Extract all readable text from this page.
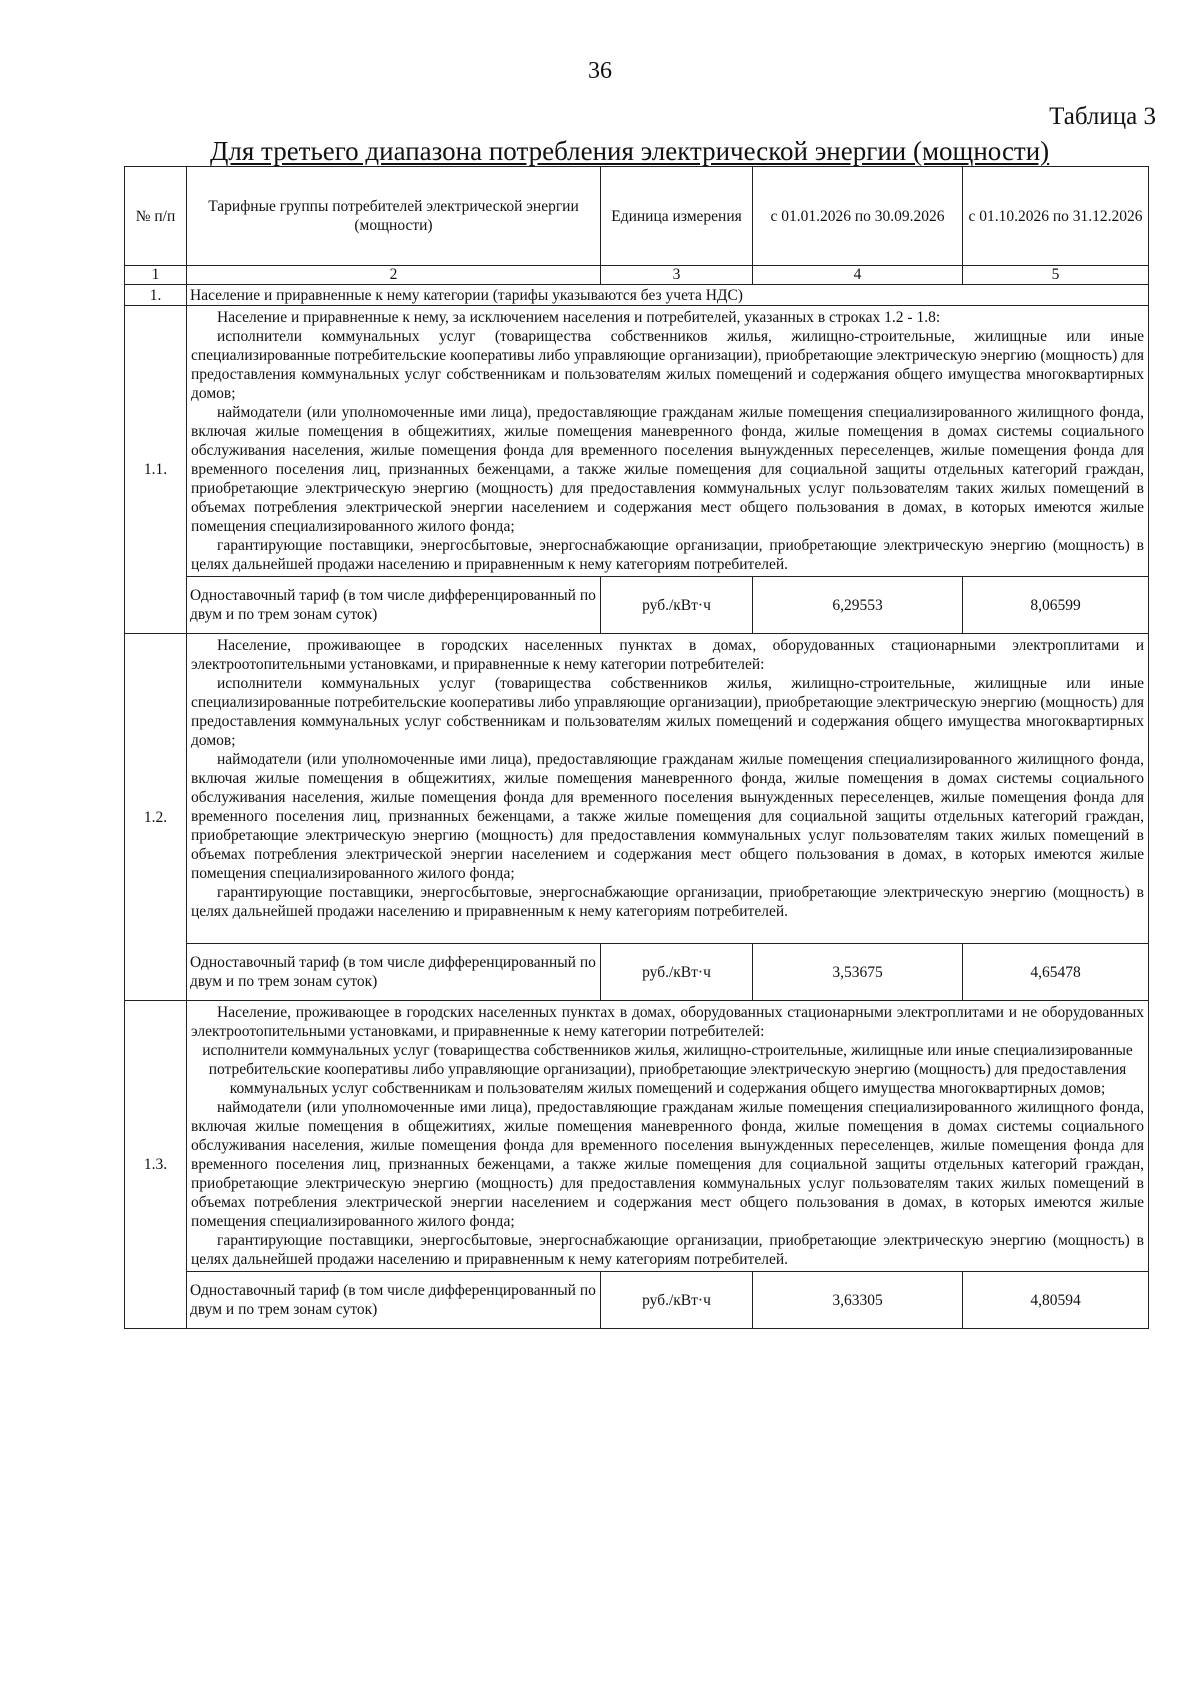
36
Таблица 3
Для третьего диапазона потребления электрической энергии (мощности)
№ п/п	Тарифные группы потребителей электрической энергии (мощности)	Единица измерения	с 01.01.2026 по 30.09.2026	с 01.10.2026 по 31.12.2026
1	2	3	4	5
1.	Население и приравненные к нему категории (тарифы указываются без учета НДС)			
1.1.	Население и приравненные к нему, за исключением населения и потребителей, указанных в строках 1.2 - 1.8:

исполнители коммунальных услуг (товарищества собственников жилья, жилищно-строительные, жилищные или иные специализированные потребительские кооперативы либо управляющие организации), приобретающие электрическую энергию (мощность) для предоставления коммунальных услуг собственникам и пользователям жилых помещений и содержания общего имущества многоквартирных домов;

наймодатели (или уполномоченные ими лица), предоставляющие гражданам жилые помещения специализированного жилищного фонда, включая жилые помещения в общежитиях, жилые помещения маневренного фонда, жилые помещения в домах системы социального обслуживания населения, жилые помещения фонда для временного поселения вынужденных переселенцев, жилые помещения фонда для временного поселения лиц, признанных беженцами, а также жилые помещения для социальной защиты отдельных категорий граждан, приобретающие электрическую энергию (мощность) для предоставления коммунальных услуг пользователям таких жилых помещений в объемах потребления электрической энергии населением и содержания мест общего пользования в домах, в которых имеются жилые помещения специализированного жилого фонда;

гарантирующие поставщики, энергосбытовые, энергоснабжающие организации, приобретающие электрическую энергию (мощность) в целях дальнейшей продажи населению и приравненным к нему категориям потребителей.			

	Одноставочный тариф (в том числе дифференцированный по двум и по трем зонам суток)	руб./кВт·ч	6,29553	8,06599
1.2.	Население, проживающее в городских населенных пунктах в домах, оборудованных стационарными электроплитами и электроотопительными установками, и приравненные к нему категории потребителей:

исполнители коммунальных услуг (товарищества собственников жилья, жилищно-строительные, жилищные или иные специализированные потребительские кооперативы либо управляющие организации), приобретающие электрическую энергию (мощность) для предоставления коммунальных услуг собственникам и пользователям жилых помещений и содержания общего имущества многоквартирных домов;

наймодатели (или уполномоченные ими лица), предоставляющие гражданам жилые помещения специализированного жилищного фонда, включая жилые помещения в общежитиях, жилые помещения маневренного фонда, жилые помещения в домах системы социального обслуживания населения, жилые помещения фонда для временного поселения вынужденных переселенцев, жилые помещения фонда для временного поселения лиц, признанных беженцами, а также жилые помещения для социальной защиты отдельных категорий граждан, приобретающие электрическую энергию (мощность) для предоставления коммунальных услуг пользователям таких жилых помещений в объемах потребления электрической энергии населением и содержания мест общего пользования в домах, в которых имеются жилые помещения специализированного жилого фонда;

гарантирующие поставщики, энергосбытовые, энергоснабжающие организации, приобретающие электрическую энергию (мощность) в целях дальнейшей продажи населению и приравненным к нему категориям потребителей.			

	Одноставочный тариф (в том числе дифференцированный по двум и по трем зонам суток)	руб./кВт·ч	3,53675	4,65478
1.3.	Население, проживающее в городских населенных пунктах в домах, оборудованных стационарными электроплитами и не оборудованных электроотопительными установками, и приравненные к нему категории потребителей:

исполнители коммунальных услуг (товарищества собственников жилья, жилищно-строительные, жилищные или иные специализированные потребительские кооперативы либо управляющие организации), приобретающие электрическую энергию (мощность) для предоставления коммунальных услуг собственникам и пользователям жилых помещений и содержания общего имущества многоквартирных домов;

наймодатели (или уполномоченные ими лица), предоставляющие гражданам жилые помещения специализированного жилищного фонда, включая жилые помещения в общежитиях, жилые помещения маневренного фонда, жилые помещения в домах системы социального обслуживания населения, жилые помещения фонда для временного поселения вынужденных переселенцев, жилые помещения фонда для временного поселения лиц, признанных беженцами, а также жилые помещения для социальной защиты отдельных категорий граждан, приобретающие электрическую энергию (мощность) для предоставления коммунальных услуг пользователям таких жилых помещений в объемах потребления электрической энергии населением и содержания мест общего пользования в домах, в которых имеются жилые помещения специализированного жилого фонда;

гарантирующие поставщики, энергосбытовые, энергоснабжающие организации, приобретающие электрическую энергию (мощность) в целях дальнейшей продажи населению и приравненным к нему категориям потребителей.			

	Одноставочный тариф (в том числе дифференцированный по двум и по трем зонам суток)	руб./кВт·ч	3,63305	4,80594
